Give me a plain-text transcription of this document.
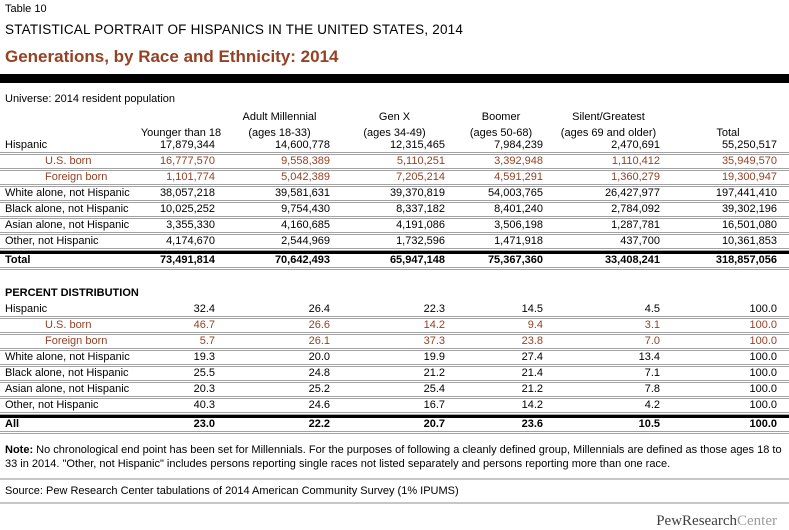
Table 10
STATISTICAL PORTRAIT OF HISPANICS IN THE UNITED STATES, 2014
Generations, by Race and Ethnicity: 2014
Universe: 2014 resident population
		Adult Millennial	Gen X	Boomer	Silent/Greatest	
	Younger than 18	(ages 18-33)	(ages 34-49)	(ages 50-68)	(ages 69 and older)	Total
Hispanic	17,879,344	14,600,778	12,315,465	7,984,239	2,470,691	55,250,517
U.S. born	16,777,570	9,558,389	5,110,251	3,392,948	1,110,412	35,949,570
Foreign born	1,101,774	5,042,389	7,205,214	4,591,291	1,360,279	19,300,947
White alone, not Hispanic	38,057,218	39,581,631	39,370,819	54,003,765	26,427,977	197,441,410
Black alone, not Hispanic	10,025,252	9,754,430	8,337,182	8,401,240	2,784,092	39,302,196
Asian alone, not Hispanic	3,355,330	4,160,685	4,191,086	3,506,198	1,287,781	16,501,080
Other, not Hispanic	4,174,670	2,544,969	1,732,596	1,471,918	437,700	10,361,853
Total	73,491,814	70,642,493	65,947,148	75,367,360	33,408,241	318,857,056
PERCENT DISTRIBUTION
Hispanic	32.4	26.4	22.3	14.5	4.5	100.0
U.S. born	46.7	26.6	14.2	9.4	3.1	100.0
Foreign born	5.7	26.1	37.3	23.8	7.0	100.0
White alone, not Hispanic	19.3	20.0	19.9	27.4	13.4	100.0
Black alone, not Hispanic	25.5	24.8	21.2	21.4	7.1	100.0
Asian alone, not Hispanic	20.3	25.2	25.4	21.2	7.8	100.0
Other, not Hispanic	40.3	24.6	16.7	14.2	4.2	100.0
All	23.0	22.2	20.7	23.6	10.5	100.0
Note: No chronological end point has been set for Millennials. For the purposes of following a cleanly defined group, Millennials are defined as those ages 18 to 33 in 2014. "Other, not Hispanic" includes persons reporting single races not listed separately and persons reporting more than one race.
Source: Pew Research Center tabulations of 2014 American Community Survey (1% IPUMS)
PewResearchCenter
